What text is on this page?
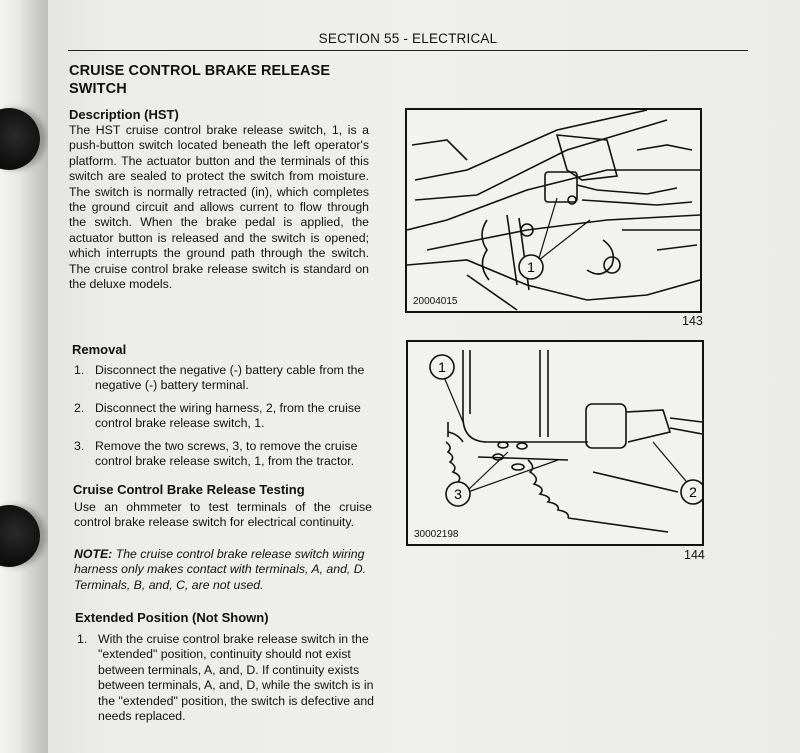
SECTION 55 - ELECTRICAL
CRUISE CONTROL BRAKE RELEASE
SWITCH
Description (HST)
The HST cruise control brake release switch, 1, is a push-button switch located beneath the left operator's platform. The actuator button and the terminals of this switch are sealed to protect the switch from moisture. The switch is normally retracted (in), which completes the ground circuit and allows current to flow through the switch. When the brake pedal is applied, the actuator button is released and the switch is opened; which interrupts the ground path through the switch. The cruise control brake release switch is standard on the deluxe models.
Removal
1. Disconnect the negative (-) battery cable from the negative (-) battery terminal.
2. Disconnect the wiring harness, 2, from the cruise control brake release switch, 1.
3. Remove the two screws, 3, to remove the cruise control brake release switch, 1, from the tractor.
Cruise Control Brake Release Testing
Use an ohmmeter to test terminals of the cruise control brake release switch for electrical continuity.
NOTE: The cruise control brake release switch wiring harness only makes contact with terminals, A, and, D. Terminals, B, and, C, are not used.
Extended Position (Not Shown)
1. With the cruise control brake release switch in the "extended" position, continuity should not exist between terminals, A, and, D. If continuity exists between terminals, A, and, D, while the switch is in the "extended" position, the switch is defective and needs replaced.
1
20004015
143
1
2
3
30002198
144
